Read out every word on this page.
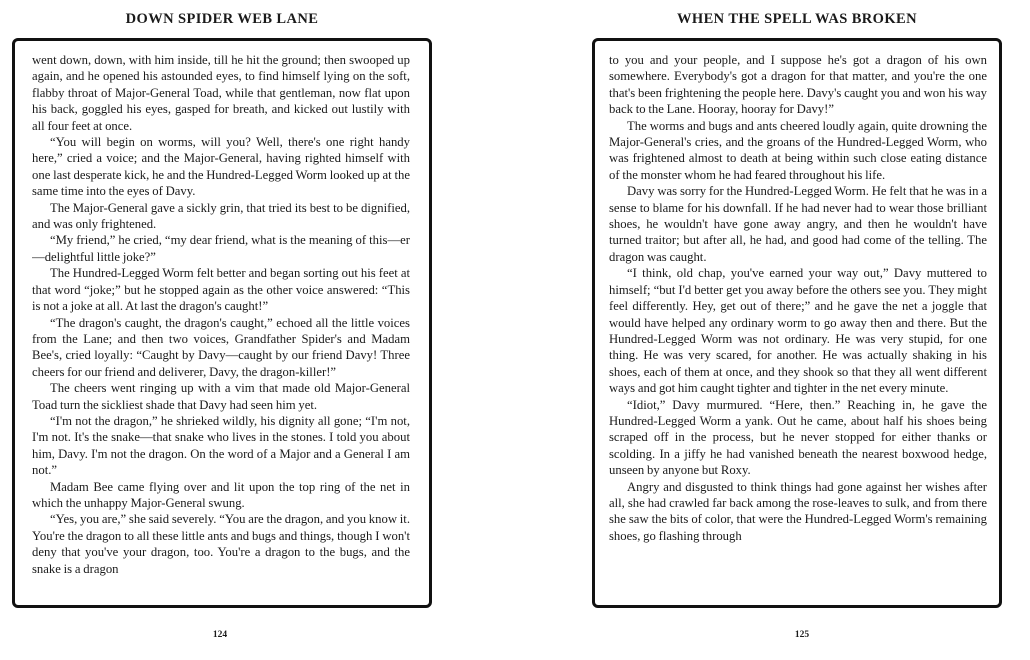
DOWN SPIDER WEB LANE	WHEN THE SPELL WAS BROKEN

went down, down, with him inside, till he hit the ground; then swooped up again, and he opened his astounded eyes, to find himself lying on the soft, flabby throat of Major-General Toad, while that gentleman, now flat upon his back, goggled his eyes, gasped for breath, and kicked out lustily with all four feet at once.

“You will begin on worms, will you? Well, there's one right handy here,” cried a voice; and the Major-General, having righted himself with one last desperate kick, he and the Hundred-Legged Worm looked up at the same time into the eyes of Davy.

The Major-General gave a sickly grin, that tried its best to be dignified, and was only frightened.

“My friend,” he cried, “my dear friend, what is the meaning of this—er—delightful little joke?”

The Hundred-Legged Worm felt better and began sorting out his feet at that word “joke;” but he stopped again as the other voice answered: “This is not a joke at all. At last the dragon's caught!”

“The dragon's caught, the dragon's caught,” echoed all the little voices from the Lane; and then two voices, Grandfather Spider's and Madam Bee's, cried loyally: “Caught by Davy—caught by our friend Davy! Three cheers for our friend and deliverer, Davy, the dragon-killer!”

The cheers went ringing up with a vim that made old Major-General Toad turn the sickliest shade that Davy had seen him yet.

“I'm not the dragon,” he shrieked wildly, his dignity all gone; “I'm not, I'm not. It's the snake—that snake who lives in the stones. I told you about him, Davy. I'm not the dragon. On the word of a Major and a General I am not.”

Madam Bee came flying over and lit upon the top ring of the net in which the unhappy Major-General swung.

“Yes, you are,” she said severely. “You are the dragon, and you know it. You're the dragon to all these little ants and bugs and things, though I won't deny that you've your dragon, too. You're a dragon to the bugs, and the snake is a dragon

to you and your people, and I suppose he's got a dragon of his own somewhere. Everybody's got a dragon for that matter, and you're the one that's been frightening the people here. Davy's caught you and won his way back to the Lane. Hooray, hooray for Davy!”

The worms and bugs and ants cheered loudly again, quite drowning the Major-General's cries, and the groans of the Hundred-Legged Worm, who was frightened almost to death at being within such close eating distance of the monster whom he had feared throughout his life.

Davy was sorry for the Hundred-Legged Worm. He felt that he was in a sense to blame for his downfall. If he had never had to wear those brilliant shoes, he wouldn't have gone away angry, and then he wouldn't have turned traitor; but after all, he had, and good had come of the telling. The dragon was caught.

“I think, old chap, you've earned your way out,” Davy muttered to himself; “but I'd better get you away before the others see you. They might feel differently. Hey, get out of there;” and he gave the net a joggle that would have helped any ordinary worm to go away then and there. But the Hundred-Legged Worm was not ordinary. He was very stupid, for one thing. He was very scared, for another. He was actually shaking in his shoes, each of them at once, and they shook so that they all went different ways and got him caught tighter and tighter in the net every minute.

“Idiot,” Davy murmured. “Here, then.” Reaching in, he gave the Hundred-Legged Worm a yank. Out he came, about half his shoes being scraped off in the process, but he never stopped for either thanks or scolding. In a jiffy he had vanished beneath the nearest boxwood hedge, unseen by anyone but Roxy.

Angry and disgusted to think things had gone against her wishes after all, she had crawled far back among the rose-leaves to sulk, and from there she saw the bits of color, that were the Hundred-Legged Worm's remaining shoes, go flashing through

124	125
